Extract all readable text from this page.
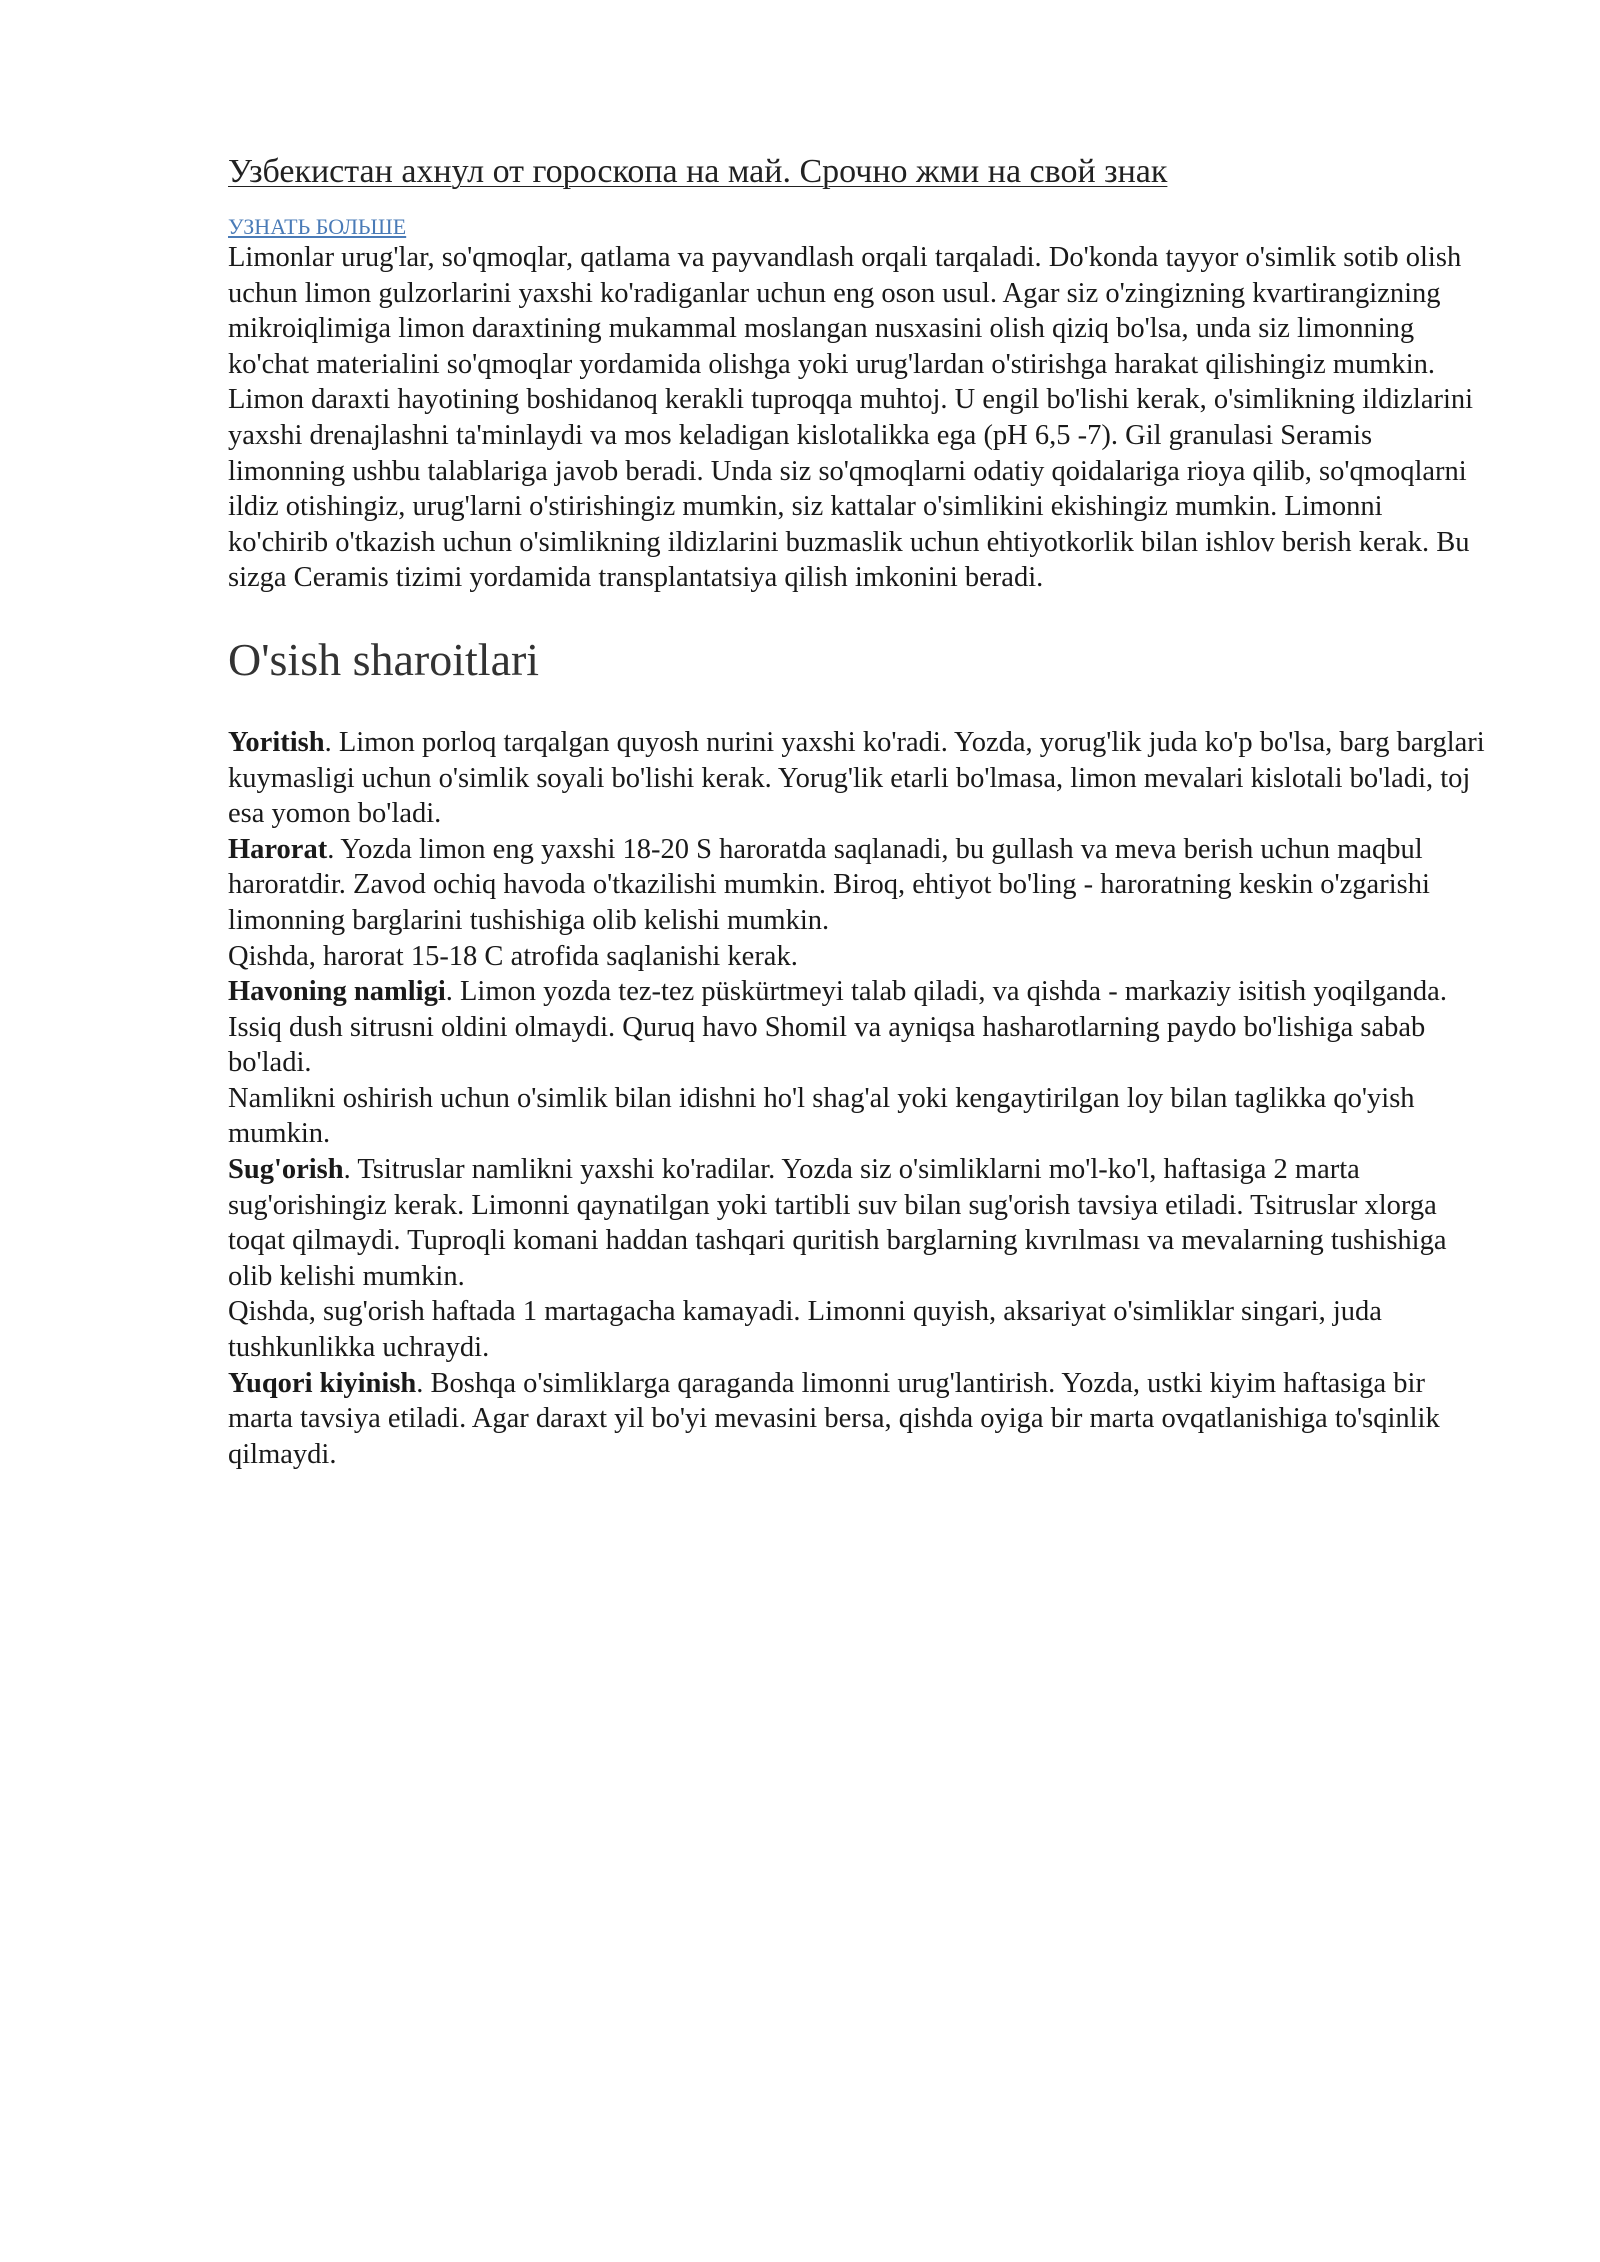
Узбекистан ахнул от гороскопа на май. Срочно жми на свой знак
УЗНАТЬ БОЛЬШЕ

Limonlar urug'lar, so'qmoqlar, qatlama va payvandlash orqali tarqaladi. Do'konda tayyor o'simlik sotib olish uchun limon gulzorlarini yaxshi ko'radiganlar uchun eng oson usul. Agar siz o'zingizning kvartirangizning mikroiqlimiga limon daraxtining mukammal moslangan nusxasini olish qiziq bo'lsa, unda siz limonning ko'chat materialini so'qmoqlar yordamida olishga yoki urug'lardan o'stirishga harakat qilishingiz mumkin. Limon daraxti hayotining boshidanoq kerakli tuproqqa muhtoj. U engil bo'lishi kerak, o'simlikning ildizlarini yaxshi drenajlashni ta'minlaydi va mos keladigan kislotalikka ega (pH 6,5 -7). Gil granulasi Seramis limonning ushbu talablariga javob beradi. Unda siz so'qmoqlarni odatiy qoidalariga rioya qilib, so'qmoqlarni ildiz otishingiz, urug'larni o'stirishingiz mumkin, siz kattalar o'simlikini ekishingiz mumkin. Limonni ko'chirib o'tkazish uchun o'simlikning ildizlarini buzmaslik uchun ehtiyotkorlik bilan ishlov berish kerak. Bu sizga Ceramis tizimi yordamida transplantatsiya qilish imkonini beradi.

O'sish sharoitlari

Yoritish. Limon porloq tarqalgan quyosh nurini yaxshi ko'radi. Yozda, yorug'lik juda ko'p bo'lsa, barg barglari kuymasligi uchun o'simlik soyali bo'lishi kerak. Yorug'lik etarli bo'lmasa, limon mevalari kislotali bo'ladi, toj esa yomon bo'ladi.

Harorat. Yozda limon eng yaxshi 18-20 S haroratda saqlanadi, bu gullash va meva berish uchun maqbul haroratdir. Zavod ochiq havoda o'tkazilishi mumkin. Biroq, ehtiyot bo'ling - haroratning keskin o'zgarishi limonning barglarini tushishiga olib kelishi mumkin.

Qishda, harorat 15-18 C atrofida saqlanishi kerak.

Havoning namligi. Limon yozda tez-tez püskürtmeyi talab qiladi, va qishda - markaziy isitish yoqilganda.

Issiq dush sitrusni oldini olmaydi. Quruq havo Shomil va ayniqsa hasharotlarning paydo bo'lishiga sabab bo'ladi.

Namlikni oshirish uchun o'simlik bilan idishni ho'l shag'al yoki kengaytirilgan loy bilan taglikka qo'yish mumkin.

Sug'orish. Tsitruslar namlikni yaxshi ko'radilar. Yozda siz o'simliklarni mo'l-ko'l, haftasiga 2 marta sug'orishingiz kerak. Limonni qaynatilgan yoki tartibli suv bilan sug'orish tavsiya etiladi. Tsitruslar xlorga toqat qilmaydi. Tuproqli komani haddan tashqari quritish barglarning kıvrılması va mevalarning tushishiga olib kelishi mumkin.

Qishda, sug'orish haftada 1 martagacha kamayadi. Limonni quyish, aksariyat o'simliklar singari, juda tushkunlikka uchraydi.

Yuqori kiyinish. Boshqa o'simliklarga qaraganda limonni urug'lantirish. Yozda, ustki kiyim haftasiga bir marta tavsiya etiladi. Agar daraxt yil bo'yi mevasini bersa, qishda oyiga bir marta ovqatlanishiga to'sqinlik qilmaydi.
